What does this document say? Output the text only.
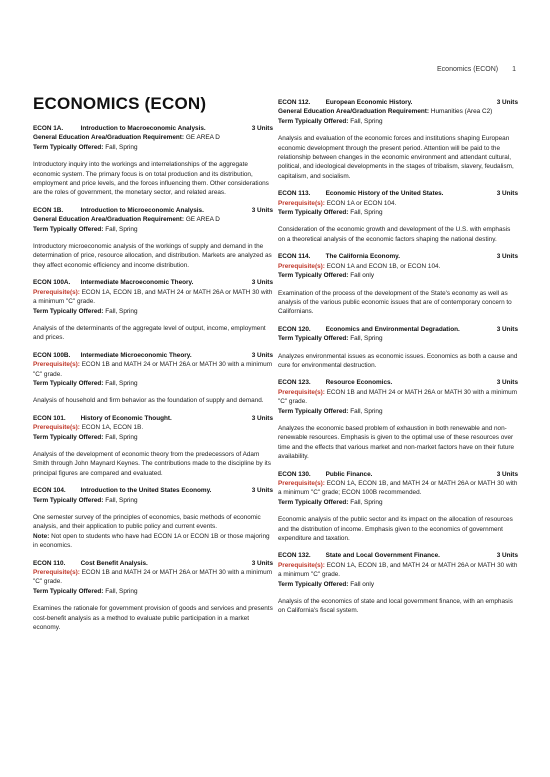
Economics (ECON) 1
ECONOMICS (ECON)
ECON 1A.	Introduction to Macroeconomic Analysis.	3 Units
General Education Area/Graduation Requirement: GE AREA D
Term Typically Offered: Fall, Spring
Introductory inquiry into the workings and interrelationships of the aggregate economic system. The primary focus is on total production and its distribution, employment and price levels, and the forces influencing them. Other considerations are the roles of government, the monetary sector, and related areas.
ECON 1B.	Introduction to Microeconomic Analysis.	3 Units
General Education Area/Graduation Requirement: GE AREA D
Term Typically Offered: Fall, Spring
Introductory microeconomic analysis of the workings of supply and demand in the determination of price, resource allocation, and distribution. Markets are analyzed as they affect economic efficiency and income distribution.
ECON 100A. Intermediate Macroeconomic Theory.	3 Units
Prerequisite(s): ECON 1A, ECON 1B, and MATH 24 or MATH 26A or MATH 30 with a minimum "C" grade.
Term Typically Offered: Fall, Spring
Analysis of the determinants of the aggregate level of output, income, employment and prices.
ECON 100B. Intermediate Microeconomic Theory.	3 Units
Prerequisite(s): ECON 1B and MATH 24 or MATH 26A or MATH 30 with a minimum "C" grade.
Term Typically Offered: Fall, Spring
Analysis of household and firm behavior as the foundation of supply and demand.
ECON 101. History of Economic Thought.	3 Units
Prerequisite(s): ECON 1A, ECON 1B.
Term Typically Offered: Fall, Spring
Analysis of the development of economic theory from the predecessors of Adam Smith through John Maynard Keynes. The contributions made to the discipline by its principal figures are compared and evaluated.
ECON 104. Introduction to the United States Economy.	3 Units
Term Typically Offered: Fall, Spring
One semester survey of the principles of economics, basic methods of economic analysis, and their application to public policy and current events.
Note: Not open to students who have had ECON 1A or ECON 1B or those majoring in economics.
ECON 110. Cost Benefit Analysis.	3 Units
Prerequisite(s): ECON 1B and MATH 24 or MATH 26A or MATH 30 with a minimum "C" grade.
Term Typically Offered: Fall, Spring
Examines the rationale for government provision of goods and services and presents cost-benefit analysis as a method to evaluate public participation in a market economy.
ECON 112. European Economic History.	3 Units
General Education Area/Graduation Requirement: Humanities (Area C2)
Term Typically Offered: Fall, Spring
Analysis and evaluation of the economic forces and institutions shaping European economic development through the present period. Attention will be paid to the relationship between changes in the economic environment and attendant cultural, political, and ideological developments in the stages of tribalism, slavery, feudalism, capitalism, and socialism.
ECON 113. Economic History of the United States.	3 Units
Prerequisite(s): ECON 1A or ECON 104.
Term Typically Offered: Fall, Spring
Consideration of the economic growth and development of the U.S. with emphasis on a theoretical analysis of the economic factors shaping the national destiny.
ECON 114. The California Economy.	3 Units
Prerequisite(s): ECON 1A and ECON 1B, or ECON 104.
Term Typically Offered: Fall only
Examination of the process of the development of the State's economy as well as analysis of the various public economic issues that are of contemporary concern to Californians.
ECON 120. Economics and Environmental Degradation.	3 Units
Term Typically Offered: Fall, Spring
Analyzes environmental issues as economic issues. Economics as both a cause and cure for environmental destruction.
ECON 123. Resource Economics.	3 Units
Prerequisite(s): ECON 1B and MATH 24 or MATH 26A or MATH 30 with a minimum "C" grade.
Term Typically Offered: Fall, Spring
Analyzes the economic based problem of exhaustion in both renewable and non-renewable resources. Emphasis is given to the optimal use of these resources over time and the effects that various market and non-market factors have on their future availability.
ECON 130. Public Finance.	3 Units
Prerequisite(s): ECON 1A, ECON 1B, and MATH 24 or MATH 26A or MATH 30 with a minimum "C" grade; ECON 100B recommended.
Term Typically Offered: Fall, Spring
Economic analysis of the public sector and its impact on the allocation of resources and the distribution of income. Emphasis given to the economics of government expenditure and taxation.
ECON 132. State and Local Government Finance.	3 Units
Prerequisite(s): ECON 1A, ECON 1B, and MATH 24 or MATH 26A or MATH 30 with a minimum "C" grade.
Term Typically Offered: Fall only
Analysis of the economics of state and local government finance, with an emphasis on California's fiscal system.
